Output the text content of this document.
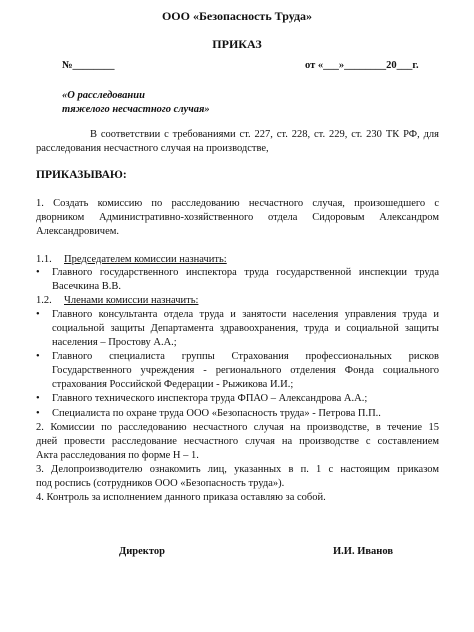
ООО «Безопасность Труда»
ПРИКАЗ
№________	от «___»________20___г.
«О расследовании
тяжелого несчастного случая»
В соответствии с требованиями ст. 227, ст. 228, ст. 229, ст. 230 ТК РФ, для
расследования несчастного случая на производстве,
ПРИКАЗЫВАЮ:
1. Создать комиссию по расследованию несчастного случая, произошедшего с
дворником Административно-хозяйственного отдела Сидоровым Александром
Александровичем.
1.1. Председателем комиссии назначить:
• Главного государственного инспектора труда государственной инспекции труда
Васечкина В.В.
1.2. Членами комиссии назначить:
• Главного консультанта отдела труда и занятости населения управления труда и
социальной защиты Департамента здравоохранения, труда и социальной защиты
населения – Простову А.А.;
• Главного специалиста группы Страхования профессиональных рисков
Государственного учреждения - регионального отделения Фонда социального
страхования Российской Федерации - Рыжикова И.И.;
• Главного технического инспектора труда ФПАО – Александрова А.А.;
• Специалиста по охране труда ООО «Безопасность труда» - Петрова П.П..
2. Комиссии по расследованию несчастного случая на производстве, в течение 15
дней провести расследование несчастного случая на производстве с составлением
Акта расследования по форме Н – 1.
3. Делопроизводителю ознакомить лиц, указанных в п. 1 с настоящим приказом
под роспись (сотрудников ООО «Безопасность труда»).
4. Контроль за исполнением данного приказа оставляю за собой.
Директор	И.И. Иванов
